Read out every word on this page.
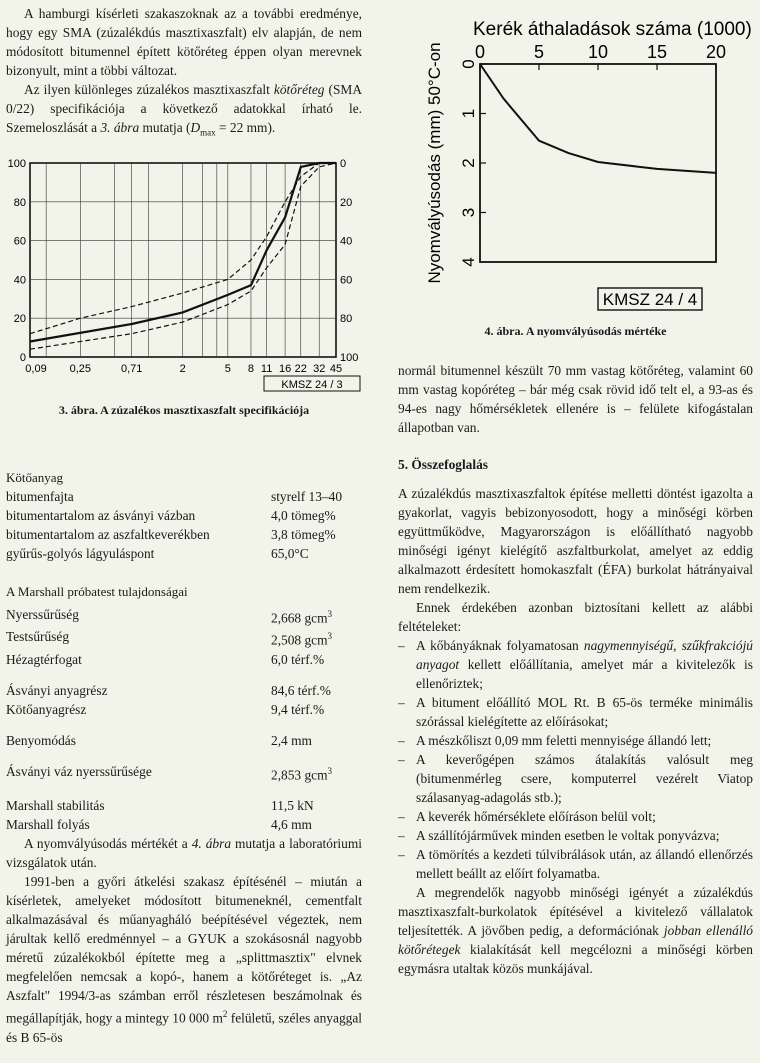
A hamburgi kísérleti szakaszoknak az a további eredménye, hogy egy SMA (zúzalékdús masztixaszfalt) elv alapján, de nem módosított bitumennel épített kötőréteg éppen olyan merevnek bizonyult, mint a többi változat.

Az ilyen különleges zúzalékos masztixaszfalt kötőréteg (SMA 0/22) specifikációja a következő adatokkal írható le. Szemeloszlását a 3. ábra mutatja ($D_{max} = 22$ mm).

0
20
40
60
80
100	0
20
40
60
80
100
0,09 0,25	0,71	2	5 8 11 16 22 32 45
KMSZ 24 / 3

3. ábra. A zúzalékos masztixaszfalt specifikációja

Kötőanyag

bitumenfajta	styrelf 13–40
bitumentartalom az ásványi vázban	4,0 tömeg%
bitumentartalom az aszfaltkeverékben	3,8 tömeg%
gyűrűs-golyós lágyuláspont	65,0°C

A Marshall próbatest tulajdonságai

Nyerssűrűség	2,668 gcm$^3$
Testsűrűség	2,508 gcm$^3$
Hézagtérfogat	6,0 térf.%
Ásványi anyagrész	84,6 térf.%
Kötőanyagrész	9,4 térf.%
Benyomódás	2,4 mm
Ásványi váz nyerssűrűsége	2,853 gcm$^3$
Marshall stabilitás	11,5 kN
Marshall folyás	4,6 mm

A nyomvályúsodás mértékét a 4. ábra mutatja a laboratóriumi vizsgálatok után.

1991-ben a győri átkelési szakasz építésénél – miután a kísérletek, amelyeket módosított bitumeneknél, cementfalt alkalmazásával és műanyagháló beépítésével végeztek, nem járultak kellő eredménnyel – a GYUK a szokásosnál nagyobb méretű zúzalékokból építette meg a „splittmasztix" elvnek megfelelően nemcsak a kopó-, hanem a kötőréteget is. „Az Aszfalt" 1994/3-as számban erről részletesen beszámolnak és megállapítják, hogy a mintegy 10 000 $m^2$ felületű, széles anyaggal és B 65-ös

Kerék áthaladások száma (1000)
0	5 10 15 20
0
1
2
3
4
Nyomvályúsodás (mm) 50°C-on
KMSZ 24 / 4

4. ábra. A nyomvályúsodás mértéke

normál bitumennel készült 70 mm vastag kötőréteg, valamint 60 mm vastag kopóréteg – bár még csak rövid idő telt el, a 93-as és 94-es nagy hőmérsékletek ellenére is – felülete kifogástalan állapotban van.

5. Összefoglalás

A zúzalékdús masztixaszfaltok építése melletti döntést igazolta a gyakorlat, vagyis bebizonyosodott, hogy a minőségi körben együttműködve, Magyarországon is előállítható nagyobb minőségi igényt kielégítő aszfaltburkolat, amelyet az eddig alkalmazott érdesített homokaszfalt (ÉFA) burkolat hátrányaival nem rendelkezik.

Ennek érdekében azonban biztosítani kellett az alábbi feltételeket:

– A kőbányáknak folyamatosan nagymennyiségű, szűkfrakciójú anyagot kellett előállítania, amelyet már a kivitelezők is ellenőriztek;
– A bitument előállító MOL Rt. B 65-ös terméke minimális szórással kielégítette az előírásokat;
– A mészkőliszt 0,09 mm feletti mennyisége állandó lett;
– A keverőgépen számos átalakítás valósult meg (bitumenmérleg csere, komputerrel vezérelt Viatop szálasanyag-adagolás stb.);
– A keverék hőmérséklete előíráson belül volt;
– A szállítójárművek minden esetben le voltak ponyvázva;
– A tömörítés a kezdeti túlvibrálások után, az állandó ellenőrzés mellett beállt az előírt folyamatba.

A megrendelők nagyobb minőségi igényét a zúzalékdús masztixaszfalt-burkolatok építésével a kivitelező vállalatok teljesítették. A jövőben pedig, a deformációnak jobban ellenálló kötőrétegek kialakítását kell megcélozni a minőségi körben egymásra utaltak közös munkájával.
